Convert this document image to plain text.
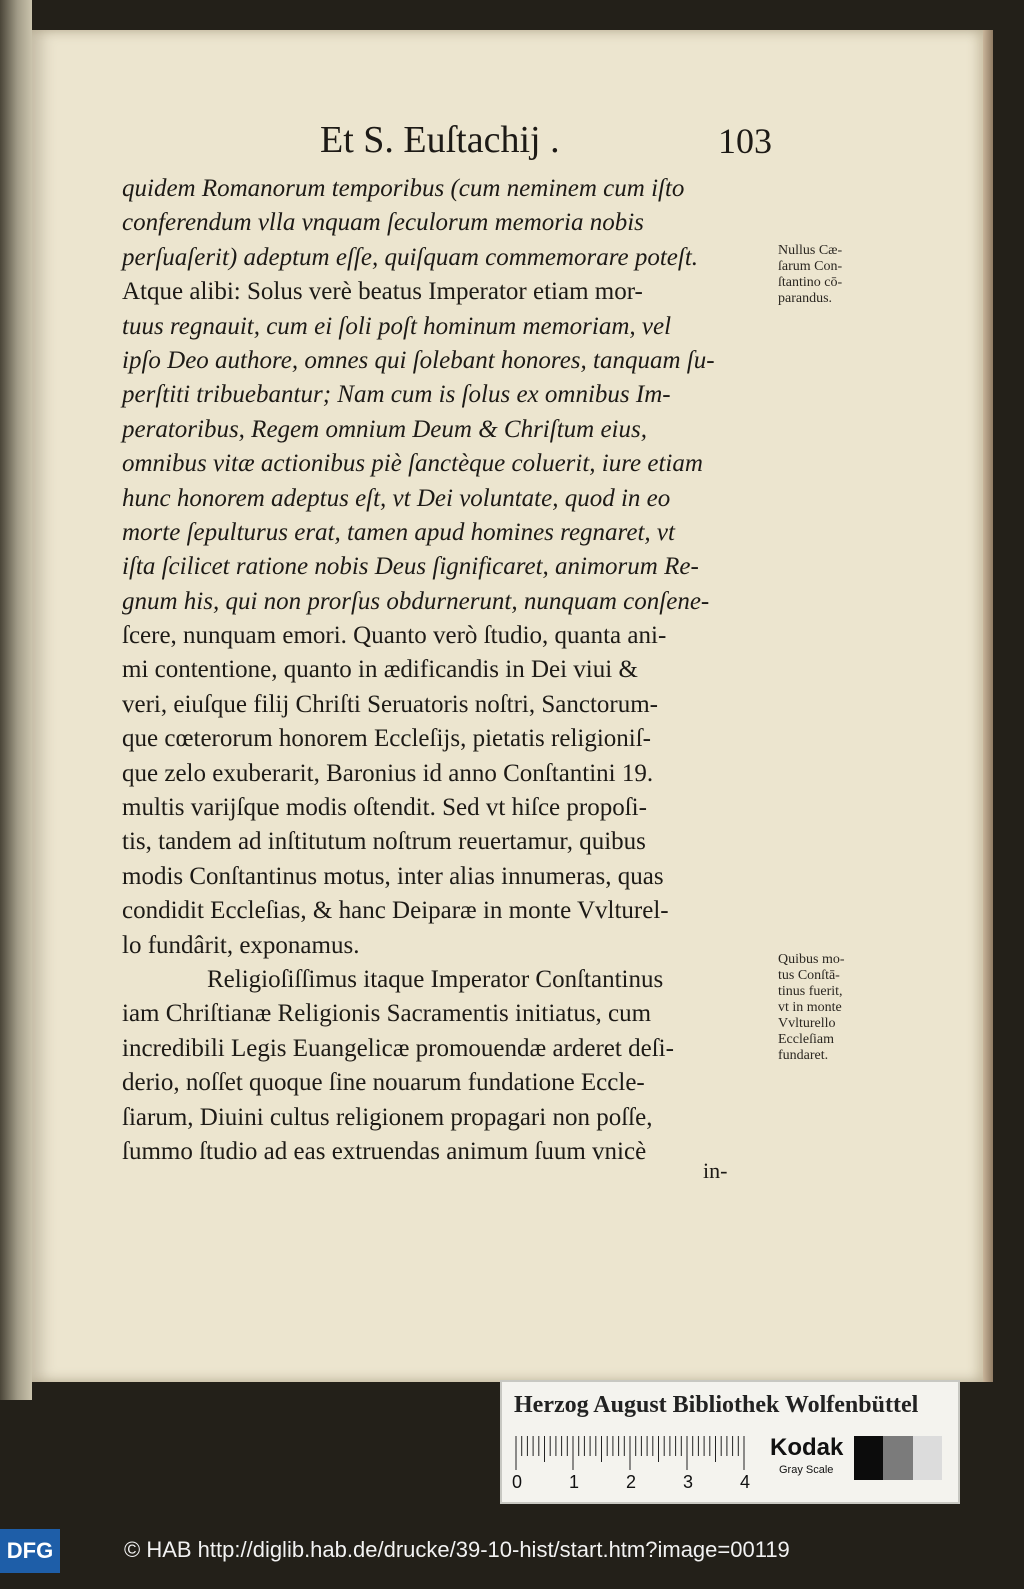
Et S. Euſtachij .	103
quidem Romanorum temporibus (cum neminem cum iſto
conferendum vlla vnquam ſeculorum memoria nobis
perſuaſerit) adeptum eſſe, quiſquam commemorare poteſt.
Atque alibi: Solus verè beatus Imperator etiam mor-
tuus regnauit, cum ei ſoli poſt hominum memoriam, vel
ipſo Deo authore, omnes qui ſolebant honores, tanquam ſu-
perſtiti tribuebantur; Nam cum is ſolus ex omnibus Im-
peratoribus, Regem omnium Deum & Chriſtum eius,
omnibus vitæ actionibus piè ſanctèque coluerit, iure etiam
hunc honorem adeptus eſt, vt Dei voluntate, quod in eo
morte ſepulturus erat, tamen apud homines regnaret, vt
iſta ſcilicet ratione nobis Deus ſignificaret, animorum Re-
gnum his, qui non prorſus obdurnerunt, nunquam conſene-
ſcere, nunquam emori. Quanto verò ſtudio, quanta ani-
mi contentione, quanto in ædificandis in Dei viui &
veri, eiuſque filij Chriſti Seruatoris noſtri, Sanctorum-
que cœterorum honorem Eccleſijs, pietatis religioniſ-
que zelo exuberarit, Baronius id anno Conſtantini 19.
multis varijſque modis oſtendit. Sed vt hiſce propoſi-
tis, tandem ad inſtitutum noſtrum reuertamur, quibus
modis Conſtantinus motus, inter alias innumeras, quas
condidit Eccleſias, & hanc Deiparæ in monte Vvlturel-
lo fundârit, exponamus.
Religioſiſſimus itaque Imperator Conſtantinus
iam Chriſtianæ Religionis Sacramentis initiatus, cum
incredibili Legis Euangelicæ promouendæ arderet deſi-
derio, noſſet quoque ſine nouarum fundatione Eccle-
ſiarum, Diuini cultus religionem propagari non poſſe,
ſummo ſtudio ad eas extruendas animum ſuum vnicè
Nullus Cæ-
ſarum Con-
ſtantino cō-
parandus.
Quibus mo-
tus Conſtā-
tinus fuerit,
vt in monte
Vvlturello
Eccleſiam
fundaret.
in-
Herzog August Bibliothek Wolfenbüttel
0	1	2	3	4
Kodak
Gray Scale
DFG	© HAB http://diglib.hab.de/drucke/39-10-hist/start.htm?image=00119
